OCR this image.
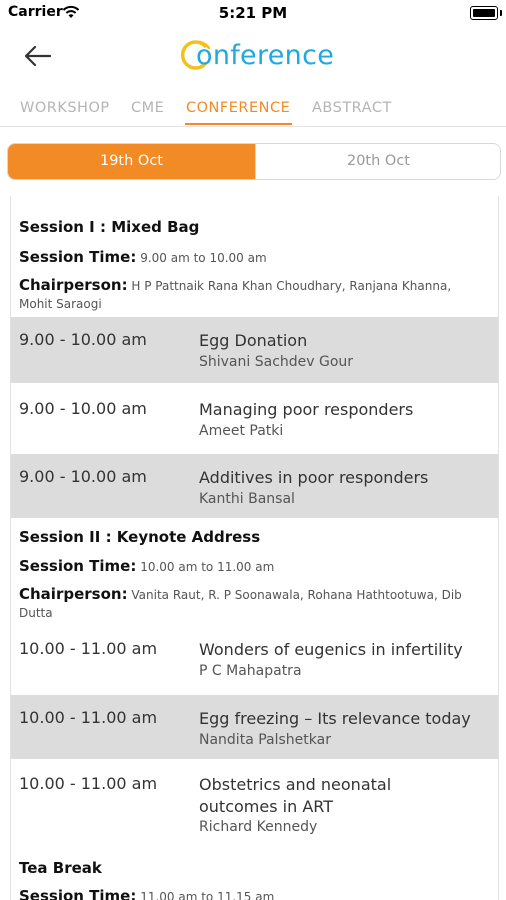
Carrier	5:21 PM
onference
WORKSHOP CME CONFERENCE ABSTRACT
19th Oct	20th Oct
Session I : Mixed Bag
Session Time: 9.00 am to 10.00 am
Chairperson: H P Pattnaik Rana Khan Choudhary, Ranjana Khanna, Mohit Saraogi
9.00 - 10.00 am	Egg Donation
Shivani Sachdev Gour
9.00 - 10.00 am	Managing poor responders
Ameet Patki
9.00 - 10.00 am	Additives in poor responders
Kanthi Bansal
Session II : Keynote Address
Session Time: 10.00 am to 11.00 am
Chairperson: Vanita Raut, R. P Soonawala, Rohana Hathtootuwa, Dib Dutta
10.00 - 11.00 am	Wonders of eugenics in infertility
P C Mahapatra
10.00 - 11.00 am	Egg freezing – Its relevance today
Nandita Palshetkar
10.00 - 11.00 am	Obstetrics and neonatal outcomes in ART
Richard Kennedy
Tea Break
Session Time: 11.00 am to 11.15 am
